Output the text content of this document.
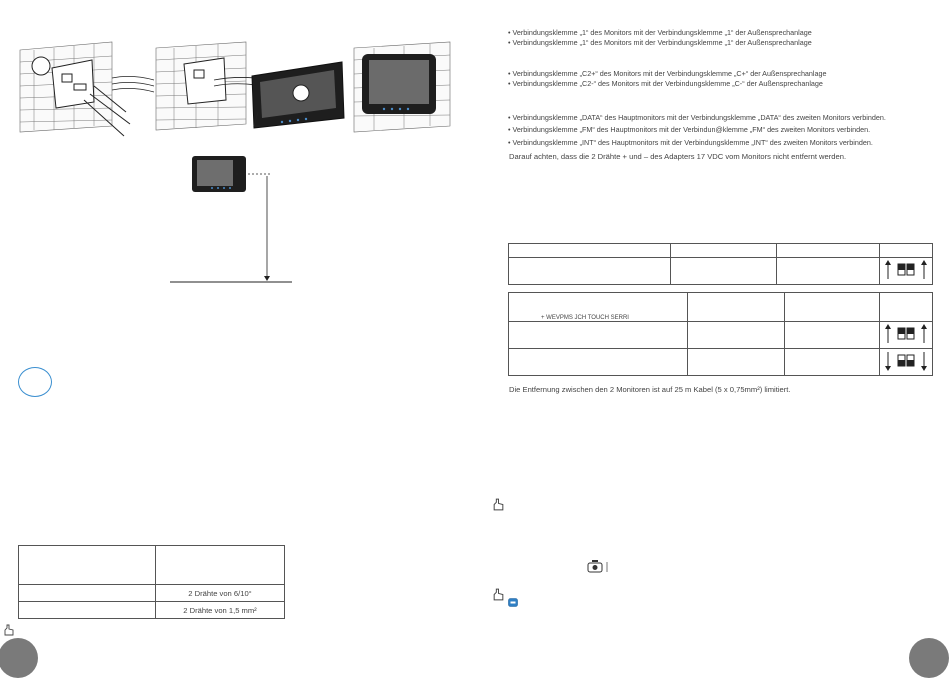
	2 Drähte von 6/10°
	2 Drähte von 1,5 mm²
• Verbindungsklemme „1“ des Monitors mit der Verbindungsklemme „1“ der Außensprechanlage
• Verbindungsklemme „1“ des Monitors mit der Verbindungsklemme „1“ der Außensprechanlage
• Verbindungsklemme „C2+“ des Monitors mit der Verbindungsklemme „C+“ der Außensprechanlage
• Verbindungsklemme „C2-“ des Monitors mit der Verbindungsklemme „C-“ der Außensprechanlage
• Verbindungsklemme „DATA“ des Hauptmonitors mit der Verbindungsklemme „DATA“ des zweiten Monitors verbinden.
• Verbindungsklemme „FM“ des Hauptmonitors mit der Verbindun@klemme „FM“ des zweiten Monitors verbinden.
• Verbindungsklemme „INT“ des Hauptmonitors mit der Verbindungsklemme „INT“ des zweiten Monitors verbinden.
Darauf achten, dass die 2 Drähte + und – des Adapters 17 VDC vom Monitors nicht entfernt werden.

+ WEVPMS JCH TOUCH SERRI			

Die Entfernung zwischen den 2 Monitoren ist auf 25 m Kabel (5 x 0,75mm²) limitiert.
